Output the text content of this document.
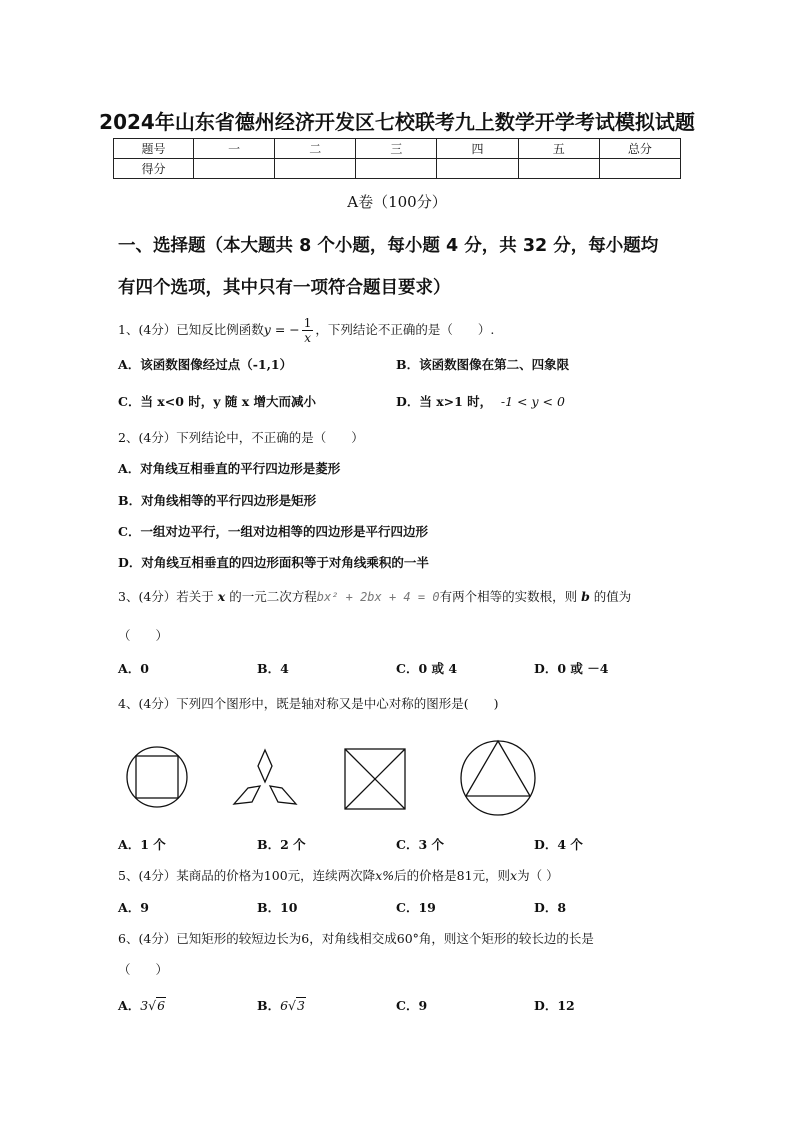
2024年山东省德州经济开发区七校联考九上数学开学考试模拟试题
题号	一	二	三	四	五	总分
得分						
A卷（100分）
一、选择题（本大题共 8 个小题，每小题 4 分，共 32 分，每小题均
有四个选项，其中只有一项符合题目要求）
1、(4分）已知反比例函数y = − $\frac{1}{x}$ ，下列结论不正确的是（　　）.
A．该函数图像经过点（-1,1）	B．该函数图像在第二、四象限
C．当 x<0 时，y 随 x 增大而减小	D．当 x>1 时， -1 < y < 0
2、(4分）下列结论中，不正确的是（　　）
A．对角线互相垂直的平行四边形是菱形
B．对角线相等的平行四边形是矩形
C．一组对边平行，一组对边相等的四边形是平行四边形
D．对角线互相垂直的四边形面积等于对角线乘积的一半
3、(4分）若关于 x 的一元二次方程bx² + 2bx + 4 = 0有两个相等的实数根，则 b 的值为
（　　）
A．0	B．4	C．0 或 4	D．0 或 －4
4、(4分）下列四个图形中，既是轴对称又是中心对称的图形是(　　)
A．1 个	B．2 个	C．3 个	D．4 个
5、(4分）某商品的价格为100元，连续两次降x%后的价格是81元，则x为（ ）
A．9	B．10	C．19	D．8
6、(4分）已知矩形的较短边长为6，对角线相交成60°角，则这个矩形的较长边的长是
（　　）
A．3√6	B．6√3	C．9	D．12
